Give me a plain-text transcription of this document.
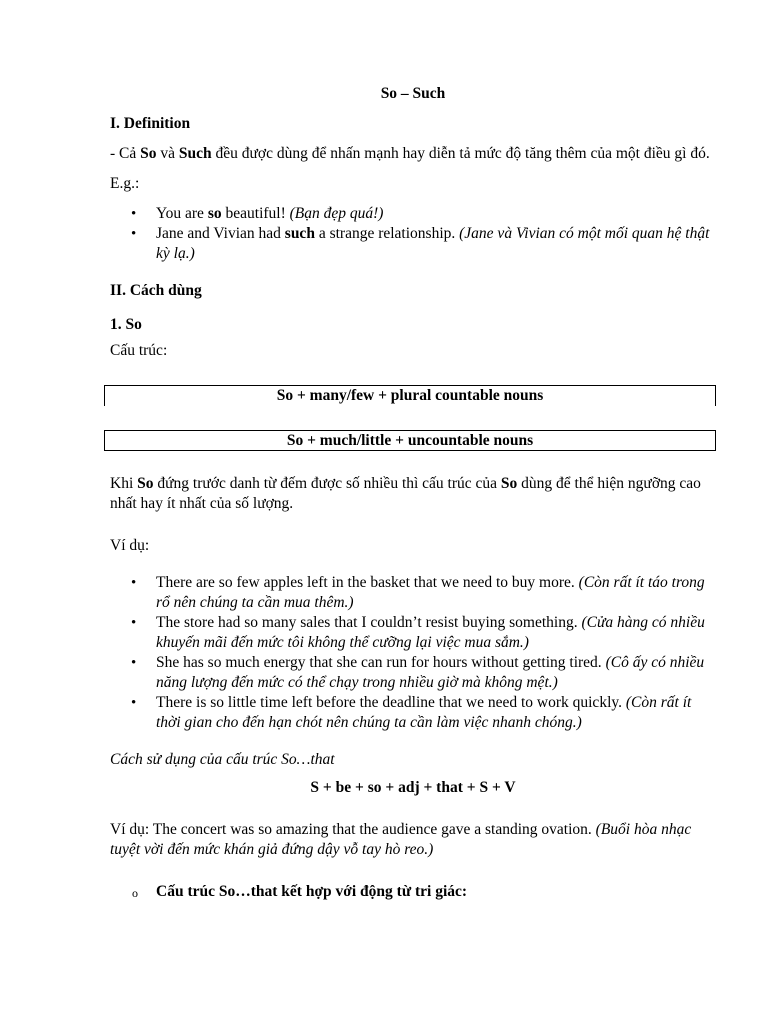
So – Such

I. Definition

- Cả So và Such đều được dùng để nhấn mạnh hay diễn tả mức độ tăng thêm của một điều gì đó.

E.g.:

• You are so beautiful! (Bạn đẹp quá!)
• Jane and Vivian had such a strange relationship. (Jane và Vivian có một mối quan hệ thật kỳ lạ.)

II. Cách dùng

1. So

Cấu trúc:

So + many/few + plural countable nouns
So + much/little + uncountable nouns

Khi So đứng trước danh từ đếm được số nhiều thì cấu trúc của So dùng để thể hiện ngưỡng cao nhất hay ít nhất của số lượng.

Ví dụ:

• There are so few apples left in the basket that we need to buy more. (Còn rất ít táo trong rổ nên chúng ta cần mua thêm.)
• The store had so many sales that I couldn’t resist buying something. (Cửa hàng có nhiều khuyến mãi đến mức tôi không thể cưỡng lại việc mua sắm.)
• She has so much energy that she can run for hours without getting tired. (Cô ấy có nhiều năng lượng đến mức có thể chạy trong nhiều giờ mà không mệt.)
• There is so little time left before the deadline that we need to work quickly. (Còn rất ít thời gian cho đến hạn chót nên chúng ta cần làm việc nhanh chóng.)

Cách sử dụng của cấu trúc So…that

S + be + so + adj + that + S + V

Ví dụ: The concert was so amazing that the audience gave a standing ovation. (Buổi hòa nhạc tuyệt vời đến mức khán giả đứng dậy vỗ tay hò reo.)

o Cấu trúc So…that kết hợp với động từ tri giác:
